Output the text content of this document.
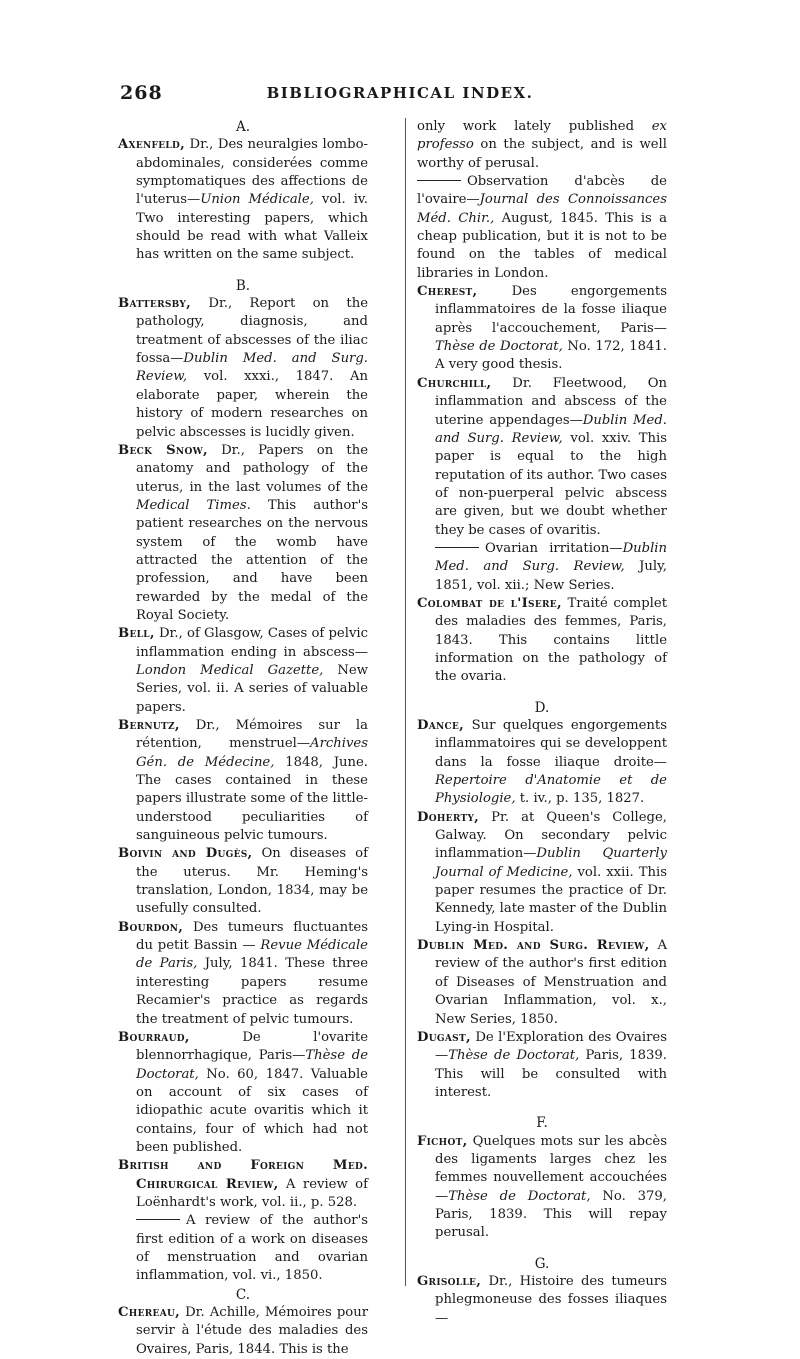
268	BIBLIOGRAPHICAL INDEX.

A.

Axenfeld, Dr., Des neuralgies lombo-abdominales, considerées comme symptomatiques des affections de l'uterus—Union Médicale, vol. iv. Two interesting papers, which should be read with what Valleix has written on the same subject.

B.

Battersby, Dr., Report on the pathology, diagnosis, and treatment of abscesses of the iliac fossa—Dublin Med. and Surg. Review, vol. xxxi., 1847. An elaborate paper, wherein the history of modern researches on pelvic abscesses is lucidly given.

Beck Snow, Dr., Papers on the anatomy and pathology of the uterus, in the last volumes of the Medical Times. This author's patient researches on the nervous system of the womb have attracted the attention of the profession, and have been rewarded by the medal of the Royal Society.

Bell, Dr., of Glasgow, Cases of pelvic inflammation ending in abscess—London Medical Gazette, New Series, vol. ii. A series of valuable papers.

Bernutz, Dr., Mémoires sur la rétention, menstruel—Archives Gén. de Médecine, 1848, June. The cases contained in these papers illustrate some of the little-understood peculiarities of sanguineous pelvic tumours.

Boivin and Dugès, On diseases of the uterus. Mr. Heming's translation, London, 1834, may be usefully consulted.

Bourdon, Des tumeurs fluctuantes du petit Bassin — Revue Médicale de Paris, July, 1841. These three interesting papers resume Recamier's practice as regards the treatment of pelvic tumours.

Bourraud, De l'ovarite blennorrhagique, Paris—Thèse de Doctorat, No. 60, 1847. Valuable on account of six cases of idiopathic acute ovaritis which it contains, four of which had not been published.

British and Foreign Med. Chirurgical Review, A review of Loënhardt's work, vol. ii., p. 528.

A review of the author's first edition of a work on diseases of menstruation and ovarian inflammation, vol. vi., 1850.

C.

Chereau, Dr. Achille, Mémoires pour servir à l'étude des maladies des Ovaires, Paris, 1844. This is the

only work lately published ex professo on the subject, and is well worthy of perusal.

Observation d'abcès de l'ovaire—Journal des Connoissances Méd. Chir., August, 1845. This is a cheap publication, but it is not to be found on the tables of medical libraries in London.

Cherest, Des engorgements inflammatoires de la fosse iliaque après l'accouchement, Paris—Thèse de Doctorat, No. 172, 1841. A very good thesis.

Churchill, Dr. Fleetwood, On inflammation and abscess of the uterine appendages—Dublin Med. and Surg. Review, vol. xxiv. This paper is equal to the high reputation of its author. Two cases of non-puerperal pelvic abscess are given, but we doubt whether they be cases of ovaritis.

Ovarian irritation—Dublin Med. and Surg. Review, July, 1851, vol. xii.; New Series.

Colombat de l'Isere, Traité complet des maladies des femmes, Paris, 1843. This contains little information on the pathology of the ovaria.

D.

Dance, Sur quelques engorgements inflammatoires qui se developpent dans la fosse iliaque droite—Repertoire d'Anatomie et de Physiologie, t. iv., p. 135, 1827.

Doherty, Pr. at Queen's College, Galway. On secondary pelvic inflammation—Dublin Quarterly Journal of Medicine, vol. xxii. This paper resumes the practice of Dr. Kennedy, late master of the Dublin Lying-in Hospital.

Dublin Med. and Surg. Review, A review of the author's first edition of Diseases of Menstruation and Ovarian Inflammation, vol. x., New Series, 1850.

Dugast, De l'Exploration des Ovaires —Thèse de Doctorat, Paris, 1839. This will be consulted with interest.

F.

Fichot, Quelques mots sur les abcès des ligaments larges chez les femmes nouvellement accouchées—Thèse de Doctorat, No. 379, Paris, 1839. This will repay perusal.

G.

Grisolle, Dr., Histoire des tumeurs phlegmoneuse des fosses iliaques —
